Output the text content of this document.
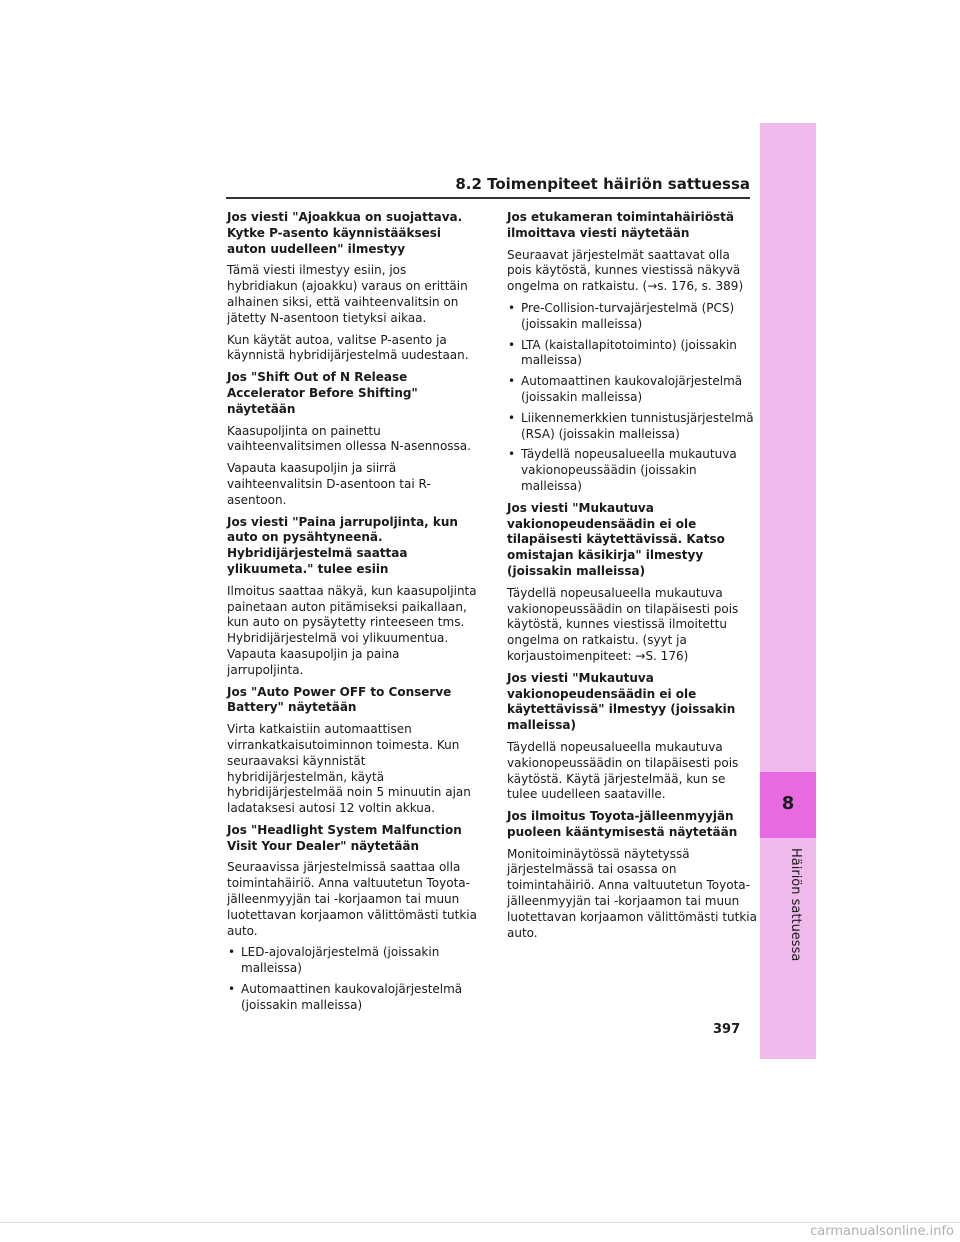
8.2 Toimenpiteet häiriön sattuessa
8
Häiriön sattuessa
Jos viesti "Ajoakkua on suojattava. Kytke P-asento käynnistääksesi auton uudelleen" ilmestyy

Tämä viesti ilmestyy esiin, jos hybridiakun (ajoakku) varaus on erittäin alhainen siksi, että vaihteenvalitsin on jätetty N-asentoon tietyksi aikaa.

Kun käytät autoa, valitse P-asento ja käynnistä hybridijärjestelmä uudestaan.

Jos "Shift Out of N Release Accelerator Before Shifting" näytetään

Kaasupoljinta on painettu vaihteenvalitsimen ollessa N-asennossa.

Vapauta kaasupoljin ja siirrä vaihteenvalitsin D-asentoon tai R-asentoon.

Jos viesti "Paina jarrupoljinta, kun auto on pysähtyneenä. Hybridijärjestelmä saattaa ylikuumeta." tulee esiin

Ilmoitus saattaa näkyä, kun kaasupoljinta painetaan auton pitämiseksi paikallaan, kun auto on pysäytetty rinteeseen tms. Hybridijärjestelmä voi ylikuumentua. Vapauta kaasupoljin ja paina jarrupoljinta.

Jos "Auto Power OFF to Conserve Battery" näytetään

Virta katkaistiin automaattisen virrankatkaisutoiminnon toimesta. Kun seuraavaksi käynnistät hybridijärjestelmän, käytä hybridijärjestelmää noin 5 minuutin ajan ladataksesi autosi 12 voltin akkua.

Jos "Headlight System Malfunction Visit Your Dealer" näytetään

Seuraavissa järjestelmissä saattaa olla toimintahäiriö. Anna valtuutetun Toyota-jälleenmyyjän tai -korjaamon tai muun luotettavan korjaamon välittömästi tutkia auto.

• LED-ajovalojärjestelmä (joissakin malleissa)
• Automaattinen kaukovalojärjestelmä (joissakin malleissa)
Jos etukameran toimintahäiriöstä ilmoittava viesti näytetään

Seuraavat järjestelmät saattavat olla pois käytöstä, kunnes viestissä näkyvä ongelma on ratkaistu. (→s. 176, s. 389)

• Pre-Collision-turvajärjestelmä (PCS) (joissakin malleissa)
• LTA (kaistallapitotoiminto) (joissakin malleissa)
• Automaattinen kaukovalojärjestelmä (joissakin malleissa)
• Liikennemerkkien tunnistusjärjestelmä (RSA) (joissakin malleissa)
• Täydellä nopeusalueella mukautuva vakionopeussäädin (joissakin malleissa)
Jos viesti "Mukautuva vakionopeudensäädin ei ole tilapäisesti käytettävissä. Katso omistajan käsikirja" ilmestyy (joissakin malleissa)

Täydellä nopeusalueella mukautuva vakionopeussäädin on tilapäisesti pois käytöstä, kunnes viestissä ilmoitettu ongelma on ratkaistu. (syyt ja korjaustoimenpiteet: →S. 176)

Jos viesti "Mukautuva vakionopeudensäädin ei ole käytettävissä" ilmestyy (joissakin malleissa)

Täydellä nopeusalueella mukautuva vakionopeussäädin on tilapäisesti pois käytöstä. Käytä järjestelmää, kun se tulee uudelleen saataville.

Jos ilmoitus Toyota-jälleenmyyjän puoleen kääntymisestä näytetään

Monitoiminäytössä näytetyssä järjestelmässä tai osassa on toimintahäiriö. Anna valtuutetun Toyota-jälleenmyyjän tai -korjaamon tai muun luotettavan korjaamon välittömästi tutkia auto.

397
carmanualsonline.info
